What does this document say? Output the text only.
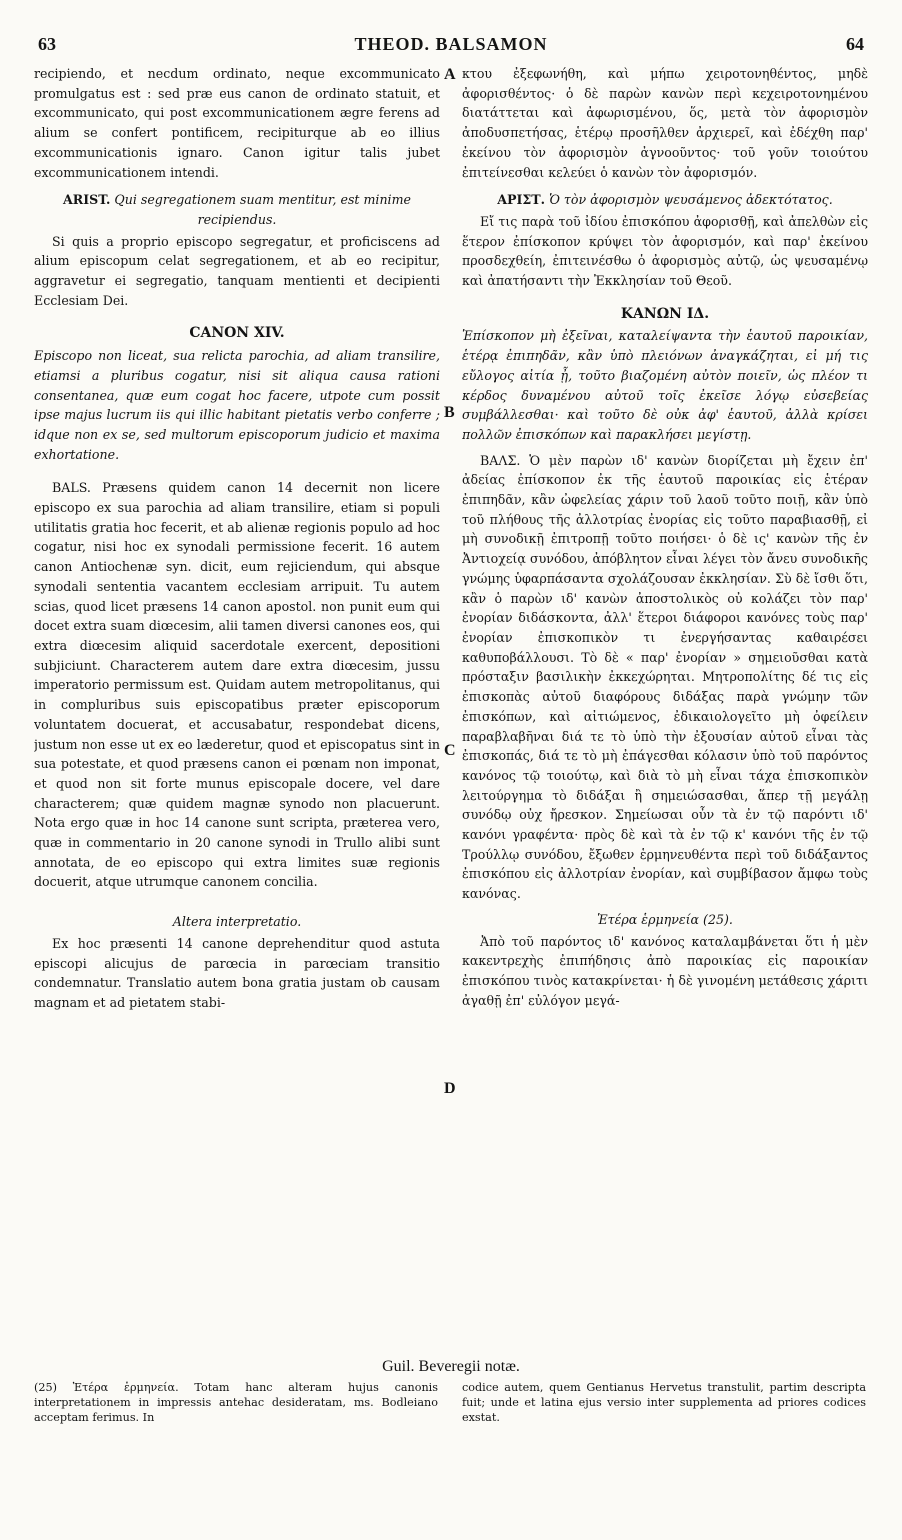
63	THEOD. BALSAMON	64
A
B
C
D

recipiendo, et necdum ordinato, neque excommunicato promulgatus est : sed præ eus canon de ordinato statuit, et excommunicato, qui post excommunicationem ægre ferens ad alium se confert pontificem, recipiturque ab eo illius excommunicationis ignaro. Canon igitur talis jubet excommunicationem intendi.

ARIST. Qui segregationem suam mentitur, est minime recipiendus.

Si quis a proprio episcopo segregatur, et proficiscens ad alium episcopum celat segregationem, et ab eo recipitur, aggravetur ei segregatio, tanquam mentienti et decipienti Ecclesiam Dei.

CANON XIV.

Episcopo non liceat, sua relicta parochia, ad aliam transilire, etiamsi a pluribus cogatur, nisi sit aliqua causa rationi consentanea, quæ eum cogat hoc facere, utpote cum possit ipse majus lucrum iis qui illic habitant pietatis verbo conferre ; idque non ex se, sed multorum episcoporum judicio et maxima exhortatione.

BALS. Præsens quidem canon 14 decernit non licere episcopo ex sua parochia ad aliam transilire, etiam si populi utilitatis gratia hoc fecerit, et ab alienæ regionis populo ad hoc cogatur, nisi hoc ex synodali permissione fecerit. 16 autem canon Antiochenæ syn. dicit, eum rejiciendum, qui absque synodali sententia vacantem ecclesiam arripuit. Tu autem scias, quod licet præsens 14 canon apostol. non punit eum qui docet extra suam diœcesim, alii tamen diversi canones eos, qui extra diœcesim aliquid sacerdotale exercent, depositioni subjiciunt. Characterem autem dare extra diœcesim, jussu imperatorio permissum est. Quidam autem metropolitanus, qui in compluribus suis episcopatibus præter episcoporum voluntatem docuerat, et accusabatur, respondebat dicens, justum non esse ut ex eo læderetur, quod et episcopatus sint in sua potestate, et quod præsens canon ei pœnam non imponat, et quod non sit forte munus episcopale docere, vel dare characterem; quæ quidem magnæ synodo non placuerunt. Nota ergo quæ in hoc 14 canone sunt scripta, præterea vero, quæ in commentario in 20 canone synodi in Trullo alibi sunt annotata, de eo episcopo qui extra limites suæ regionis docuerit, atque utrumque canonem concilia.

Altera interpretatio.

Ex hoc præsenti 14 canone deprehenditur quod astuta episcopi alicujus de parœcia in parœciam transitio condemnatur. Translatio autem bona gratia justam ob causam magnam et ad pietatem stabi-

κτου ἐξεφωνήθη, καὶ μήπω χειροτονηθέντος, μηδὲ ἀφορισθέντος· ὁ δὲ παρὼν κανὼν περὶ κεχειροτονημένου διατάττεται καὶ ἀφωρισμένου, ὅς, μετὰ τὸν ἀφορισμὸν ἀποδυσπετήσας, ἑτέρῳ προσῆλθεν ἀρχιερεῖ, καὶ ἐδέχθη παρ' ἐκείνου τὸν ἀφορισμὸν ἀγνοοῦντος· τοῦ γοῦν τοιούτου ἐπιτείνεσθαι κελεύει ὁ κανὼν τὸν ἀφορισμόν.

ΑΡΙΣΤ. Ὁ τὸν ἀφορισμὸν ψευσάμενος ἀδεκτότατος.

Εἴ τις παρὰ τοῦ ἰδίου ἐπισκόπου ἀφορισθῇ, καὶ ἀπελθὼν εἰς ἕτερον ἐπίσκοπον κρύψει τὸν ἀφορισμόν, καὶ παρ' ἐκείνου προσδεχθείη, ἐπιτεινέσθω ὁ ἀφορισμὸς αὐτῷ, ὡς ψευσαμένῳ καὶ ἀπατήσαντι τὴν Ἐκκλησίαν τοῦ Θεοῦ.

ΚΑΝΩΝ ΙΔ.

Ἐπίσκοπον μὴ ἐξεῖναι, καταλείψαντα τὴν ἑαυτοῦ παροικίαν, ἑτέρᾳ ἐπιπηδᾶν, κἂν ὑπὸ πλειόνων ἀναγκάζηται, εἰ μή τις εὔλογος αἰτία ᾖ, τοῦτο βιαζομένη αὐτὸν ποιεῖν, ὡς πλέον τι κέρδος δυναμένου αὐτοῦ τοῖς ἐκεῖσε λόγῳ εὐσεβείας συμβάλλεσθαι· καὶ τοῦτο δὲ οὐκ ἀφ' ἑαυτοῦ, ἀλλὰ κρίσει πολλῶν ἐπισκόπων καὶ παρακλήσει μεγίστῃ.

ΒΑΛΣ. Ὁ μὲν παρὼν ιδ' κανὼν διορίζεται μὴ ἔχειν ἐπ' ἀδείας ἐπίσκοπον ἐκ τῆς ἑαυτοῦ παροικίας εἰς ἑτέραν ἐπιπηδᾶν, κἂν ὠφελείας χάριν τοῦ λαοῦ τοῦτο ποιῇ, κἂν ὑπὸ τοῦ πλήθους τῆς ἀλλοτρίας ἐνορίας εἰς τοῦτο παραβιασθῇ, εἰ μὴ συνοδικῇ ἐπιτροπῇ τοῦτο ποιήσει· ὁ δὲ ις' κανὼν τῆς ἐν Ἀντιοχείᾳ συνόδου, ἀπόβλητον εἶναι λέγει τὸν ἄνευ συνοδικῆς γνώμης ὑφαρπάσαντα σχολάζουσαν ἐκκλησίαν. Σὺ δὲ ἴσθι ὅτι, κἂν ὁ παρὼν ιδ' κανὼν ἀποστολικὸς οὐ κολάζει τὸν παρ' ἐνορίαν διδάσκοντα, ἀλλ' ἕτεροι διάφοροι κανόνες τοὺς παρ' ἐνορίαν ἐπισκοπικὸν τι ἐνεργήσαντας καθαιρέσει καθυποβάλλουσι. Τὸ δὲ « παρ' ἐνορίαν » σημειοῦσθαι κατὰ πρόσταξιν βασιλικὴν ἐκκεχώρηται. Μητροπολίτης δέ τις εἰς ἐπισκοπὰς αὐτοῦ διαφόρους διδάξας παρὰ γνώμην τῶν ἐπισκόπων, καὶ αἰτιώμενος, ἐδικαιολογεῖτο μὴ ὀφείλειν παραβλαβῆναι διά τε τὸ ὑπὸ τὴν ἐξουσίαν αὐτοῦ εἶναι τὰς ἐπισκοπάς, διά τε τὸ μὴ ἐπάγεσθαι κόλασιν ὑπὸ τοῦ παρόντος κανόνος τῷ τοιούτῳ, καὶ διὰ τὸ μὴ εἶναι τάχα ἐπισκοπικὸν λειτούργημα τὸ διδάξαι ἢ σημειώσασθαι, ἅπερ τῇ μεγάλῃ συνόδῳ οὐχ ἤρεσκον. Σημείωσαι οὖν τὰ ἐν τῷ παρόντι ιδ' κανόνι γραφέντα· πρὸς δὲ καὶ τὰ ἐν τῷ κ' κανόνι τῆς ἐν τῷ Τρούλλῳ συνόδου, ἔξωθεν ἑρμηνευθέντα περὶ τοῦ διδάξαντος ἐπισκόπου εἰς ἀλλοτρίαν ἐνορίαν, καὶ συμβίβασον ἄμφω τοὺς κανόνας.

Ἑτέρα ἑρμηνεία (25).

Ἀπὸ τοῦ παρόντος ιδ' κανόνος καταλαμβάνεται ὅτι ἡ μὲν κακεντρεχὴς ἐπιπήδησις ἀπὸ παροικίας εἰς παροικίαν ἐπισκόπου τινὸς κατακρίνεται· ἡ δὲ γινομένη μετάθεσις χάριτι ἀγαθῇ ἐπ' εὐλόγον μεγά-

Guil. Beveregii notæ.
(25) Ἑτέρα ἑρμηνεία. Totam hanc alteram hujus canonis interpretationem in impressis antehac desideratam, ms. Bodleiano acceptam ferimus. In
codice autem, quem Gentianus Hervetus transtulit, partim descripta fuit; unde et latina ejus versio inter supplementa ad priores codices exstat.
